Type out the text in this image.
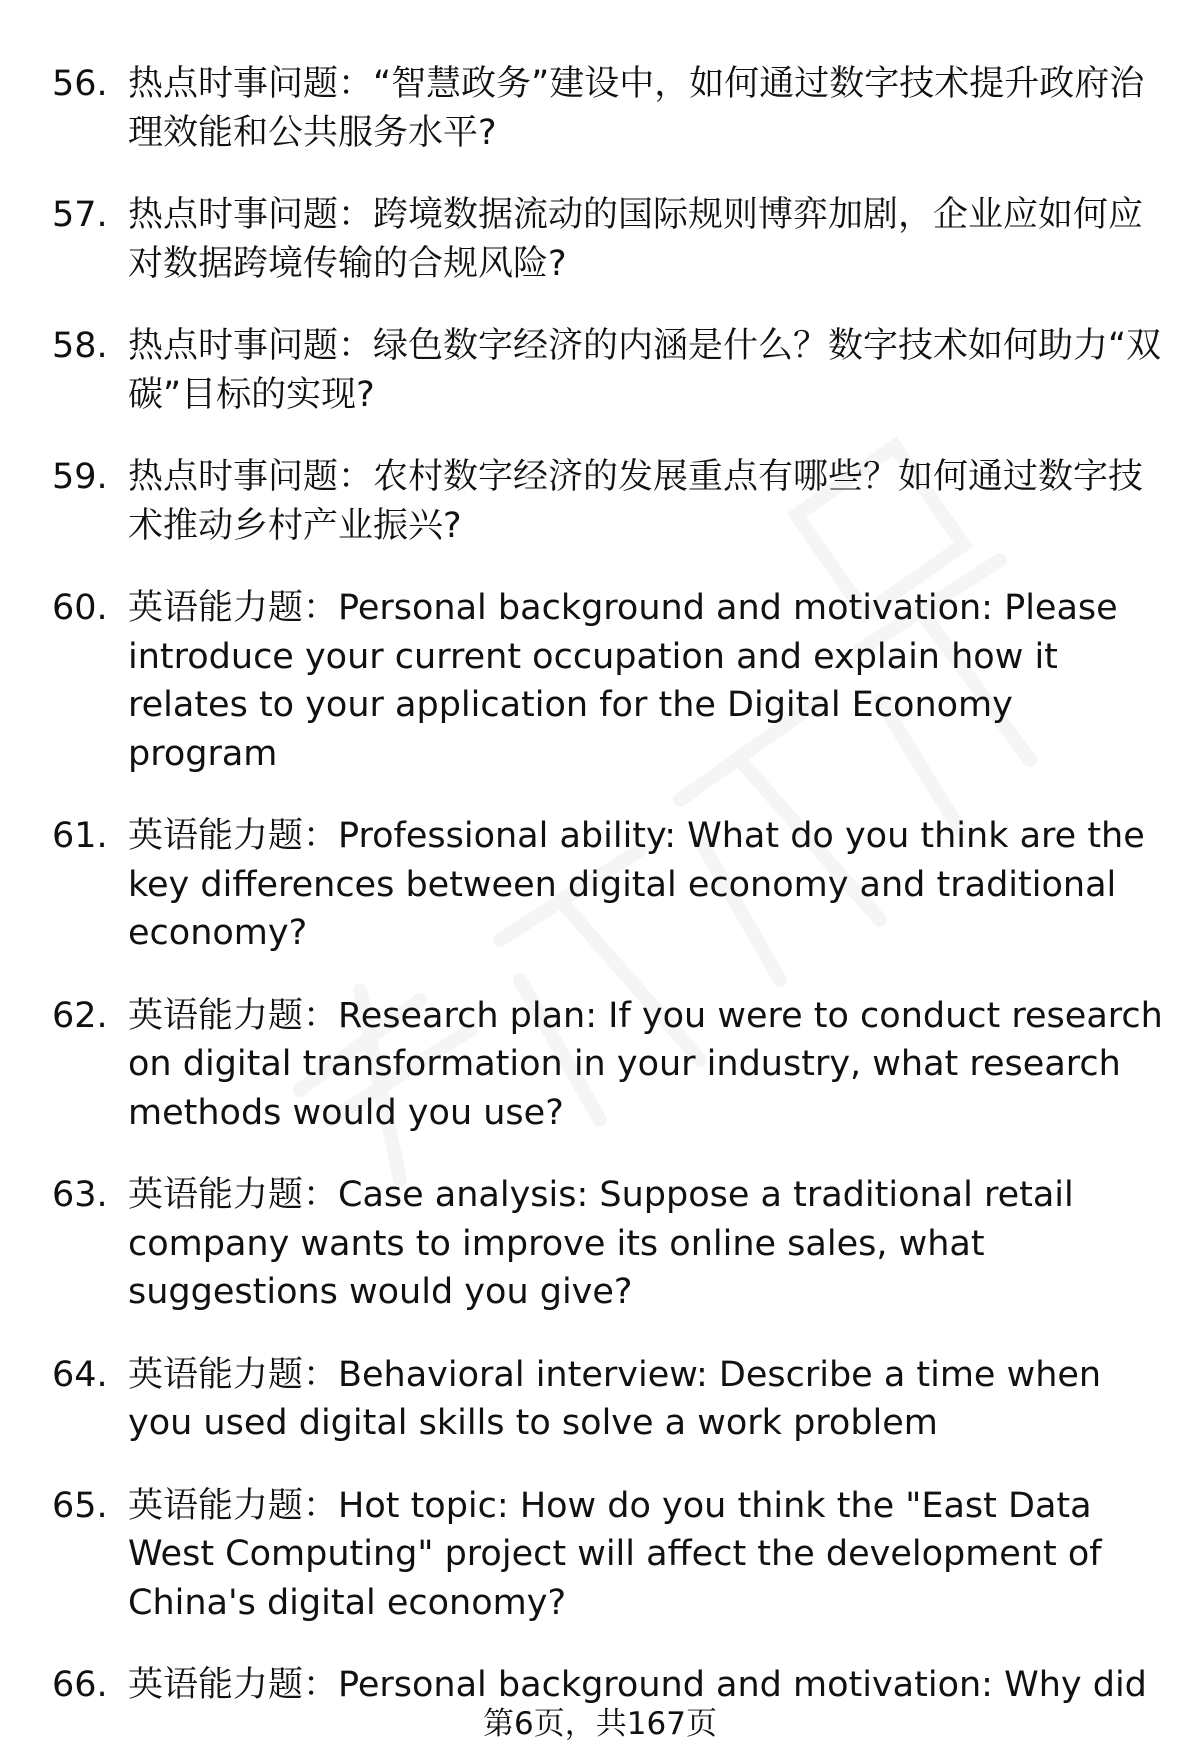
56. 热点时事问题：“智慧政务”建设中，如何通过数字技术提升政府治理效能和公共服务水平?
57. 热点时事问题：跨境数据流动的国际规则博弈加剧，企业应如何应对数据跨境传输的合规风险?
58. 热点时事问题：绿色数字经济的内涵是什么？数字技术如何助力“双碳”目标的实现?
59. 热点时事问题：农村数字经济的发展重点有哪些？如何通过数字技术推动乡村产业振兴?
60. 英语能力题：Personal background and motivation: Please introduce your current occupation and explain how it relates to your application for the Digital Economy program
61. 英语能力题：Professional ability: What do you think are the key differences between digital economy and traditional economy?
62. 英语能力题：Research plan: If you were to conduct research on digital transformation in your industry, what research methods would you use?
63. 英语能力题：Case analysis: Suppose a traditional retail company wants to improve its online sales, what suggestions would you give?
64. 英语能力题：Behavioral interview: Describe a time when you used digital skills to solve a work problem
65. 英语能力题：Hot topic: How do you think the "East Data West Computing" project will affect the development of China's digital economy?
66. 英语能力题：Personal background and motivation: Why did
第6页，共167页
